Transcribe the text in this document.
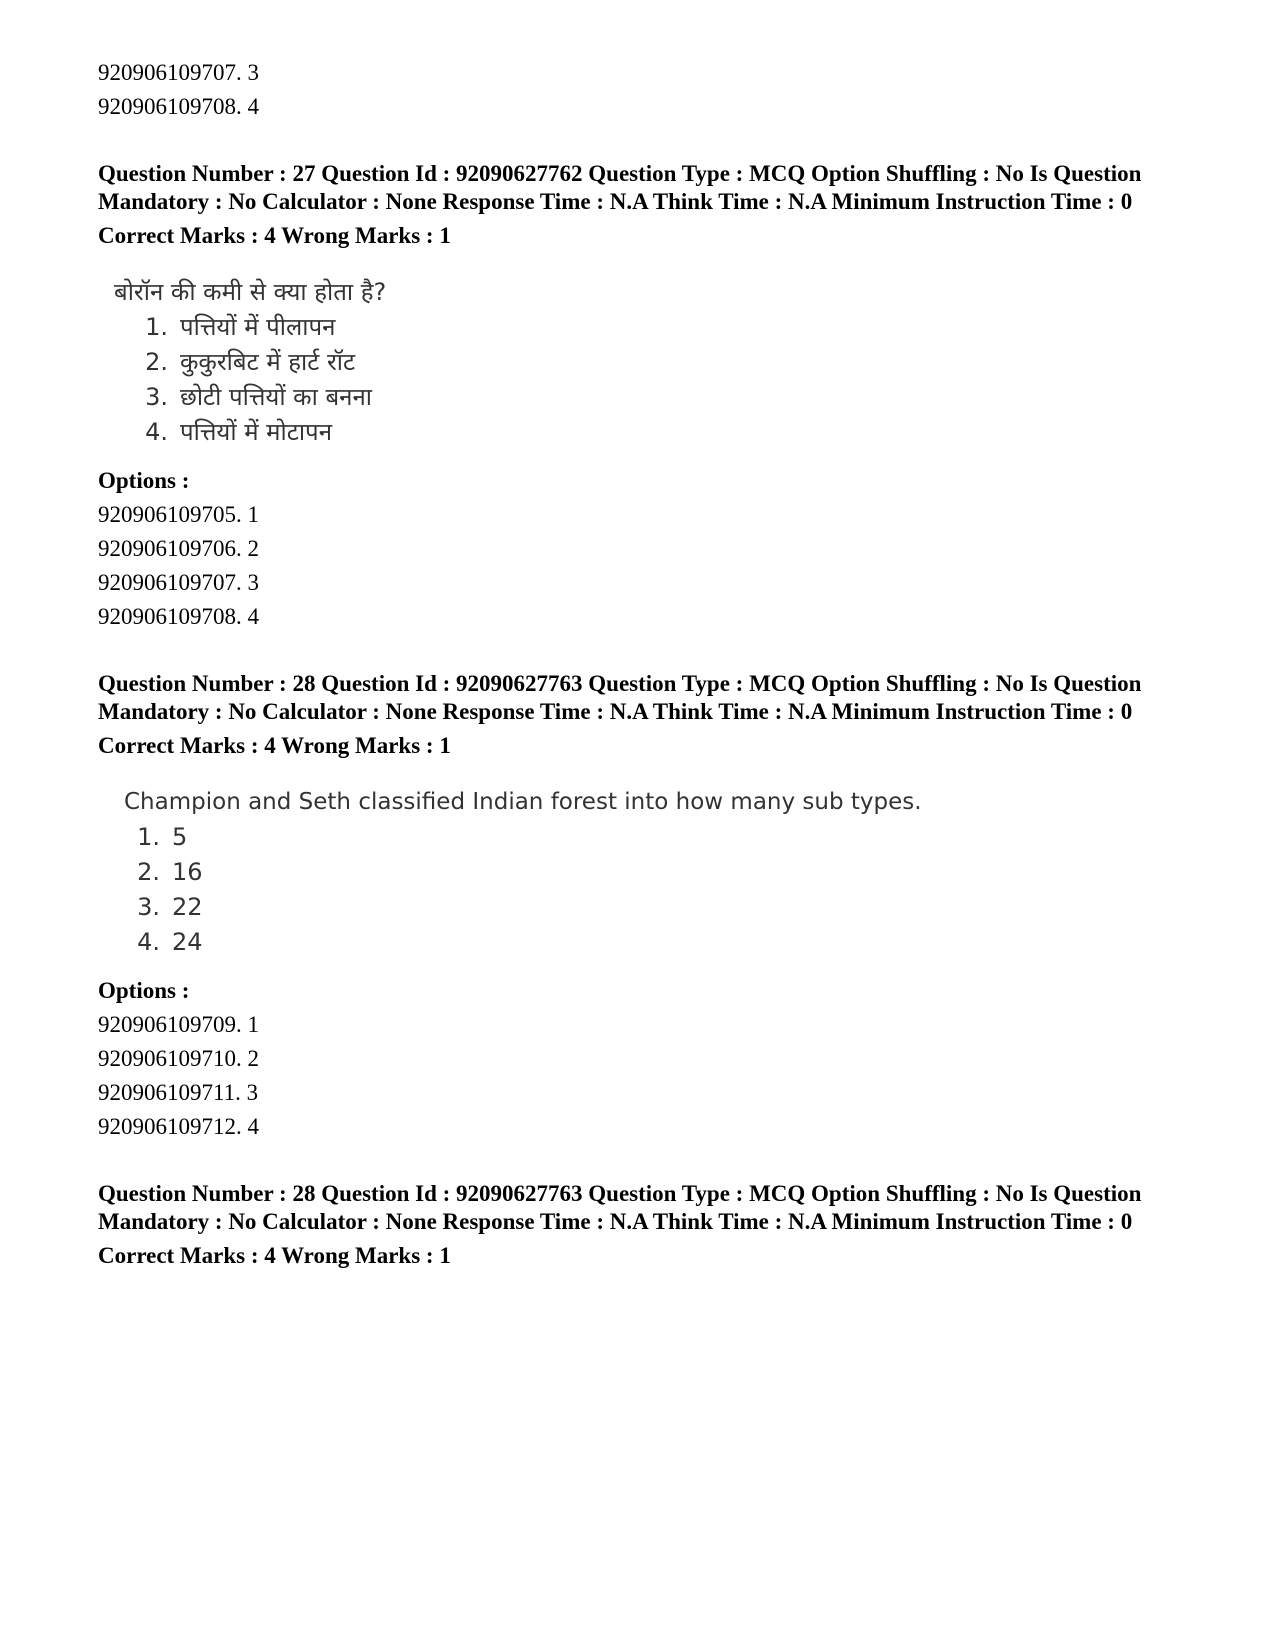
920906109707. 3
920906109708. 4
Question Number : 27 Question Id : 92090627762 Question Type : MCQ Option Shuffling : No Is Question Mandatory : No Calculator : None Response Time : N.A Think Time : N.A Minimum Instruction Time : 0
Correct Marks : 4 Wrong Marks : 1
बोरॉन की कमी से क्या होता है?
1. पत्तियों में पीलापन
2. कुकुरबिट में हार्ट रॉट
3. छोटी पत्तियों का बनना
4. पत्तियों में मोटापन
Options :
920906109705. 1
920906109706. 2
920906109707. 3
920906109708. 4
Question Number : 28 Question Id : 92090627763 Question Type : MCQ Option Shuffling : No Is Question Mandatory : No Calculator : None Response Time : N.A Think Time : N.A Minimum Instruction Time : 0
Correct Marks : 4 Wrong Marks : 1
Champion and Seth classified Indian forest into how many sub types.
1. 5
2. 16
3. 22
4. 24
Options :
920906109709. 1
920906109710. 2
920906109711. 3
920906109712. 4
Question Number : 28 Question Id : 92090627763 Question Type : MCQ Option Shuffling : No Is Question Mandatory : No Calculator : None Response Time : N.A Think Time : N.A Minimum Instruction Time : 0
Correct Marks : 4 Wrong Marks : 1
